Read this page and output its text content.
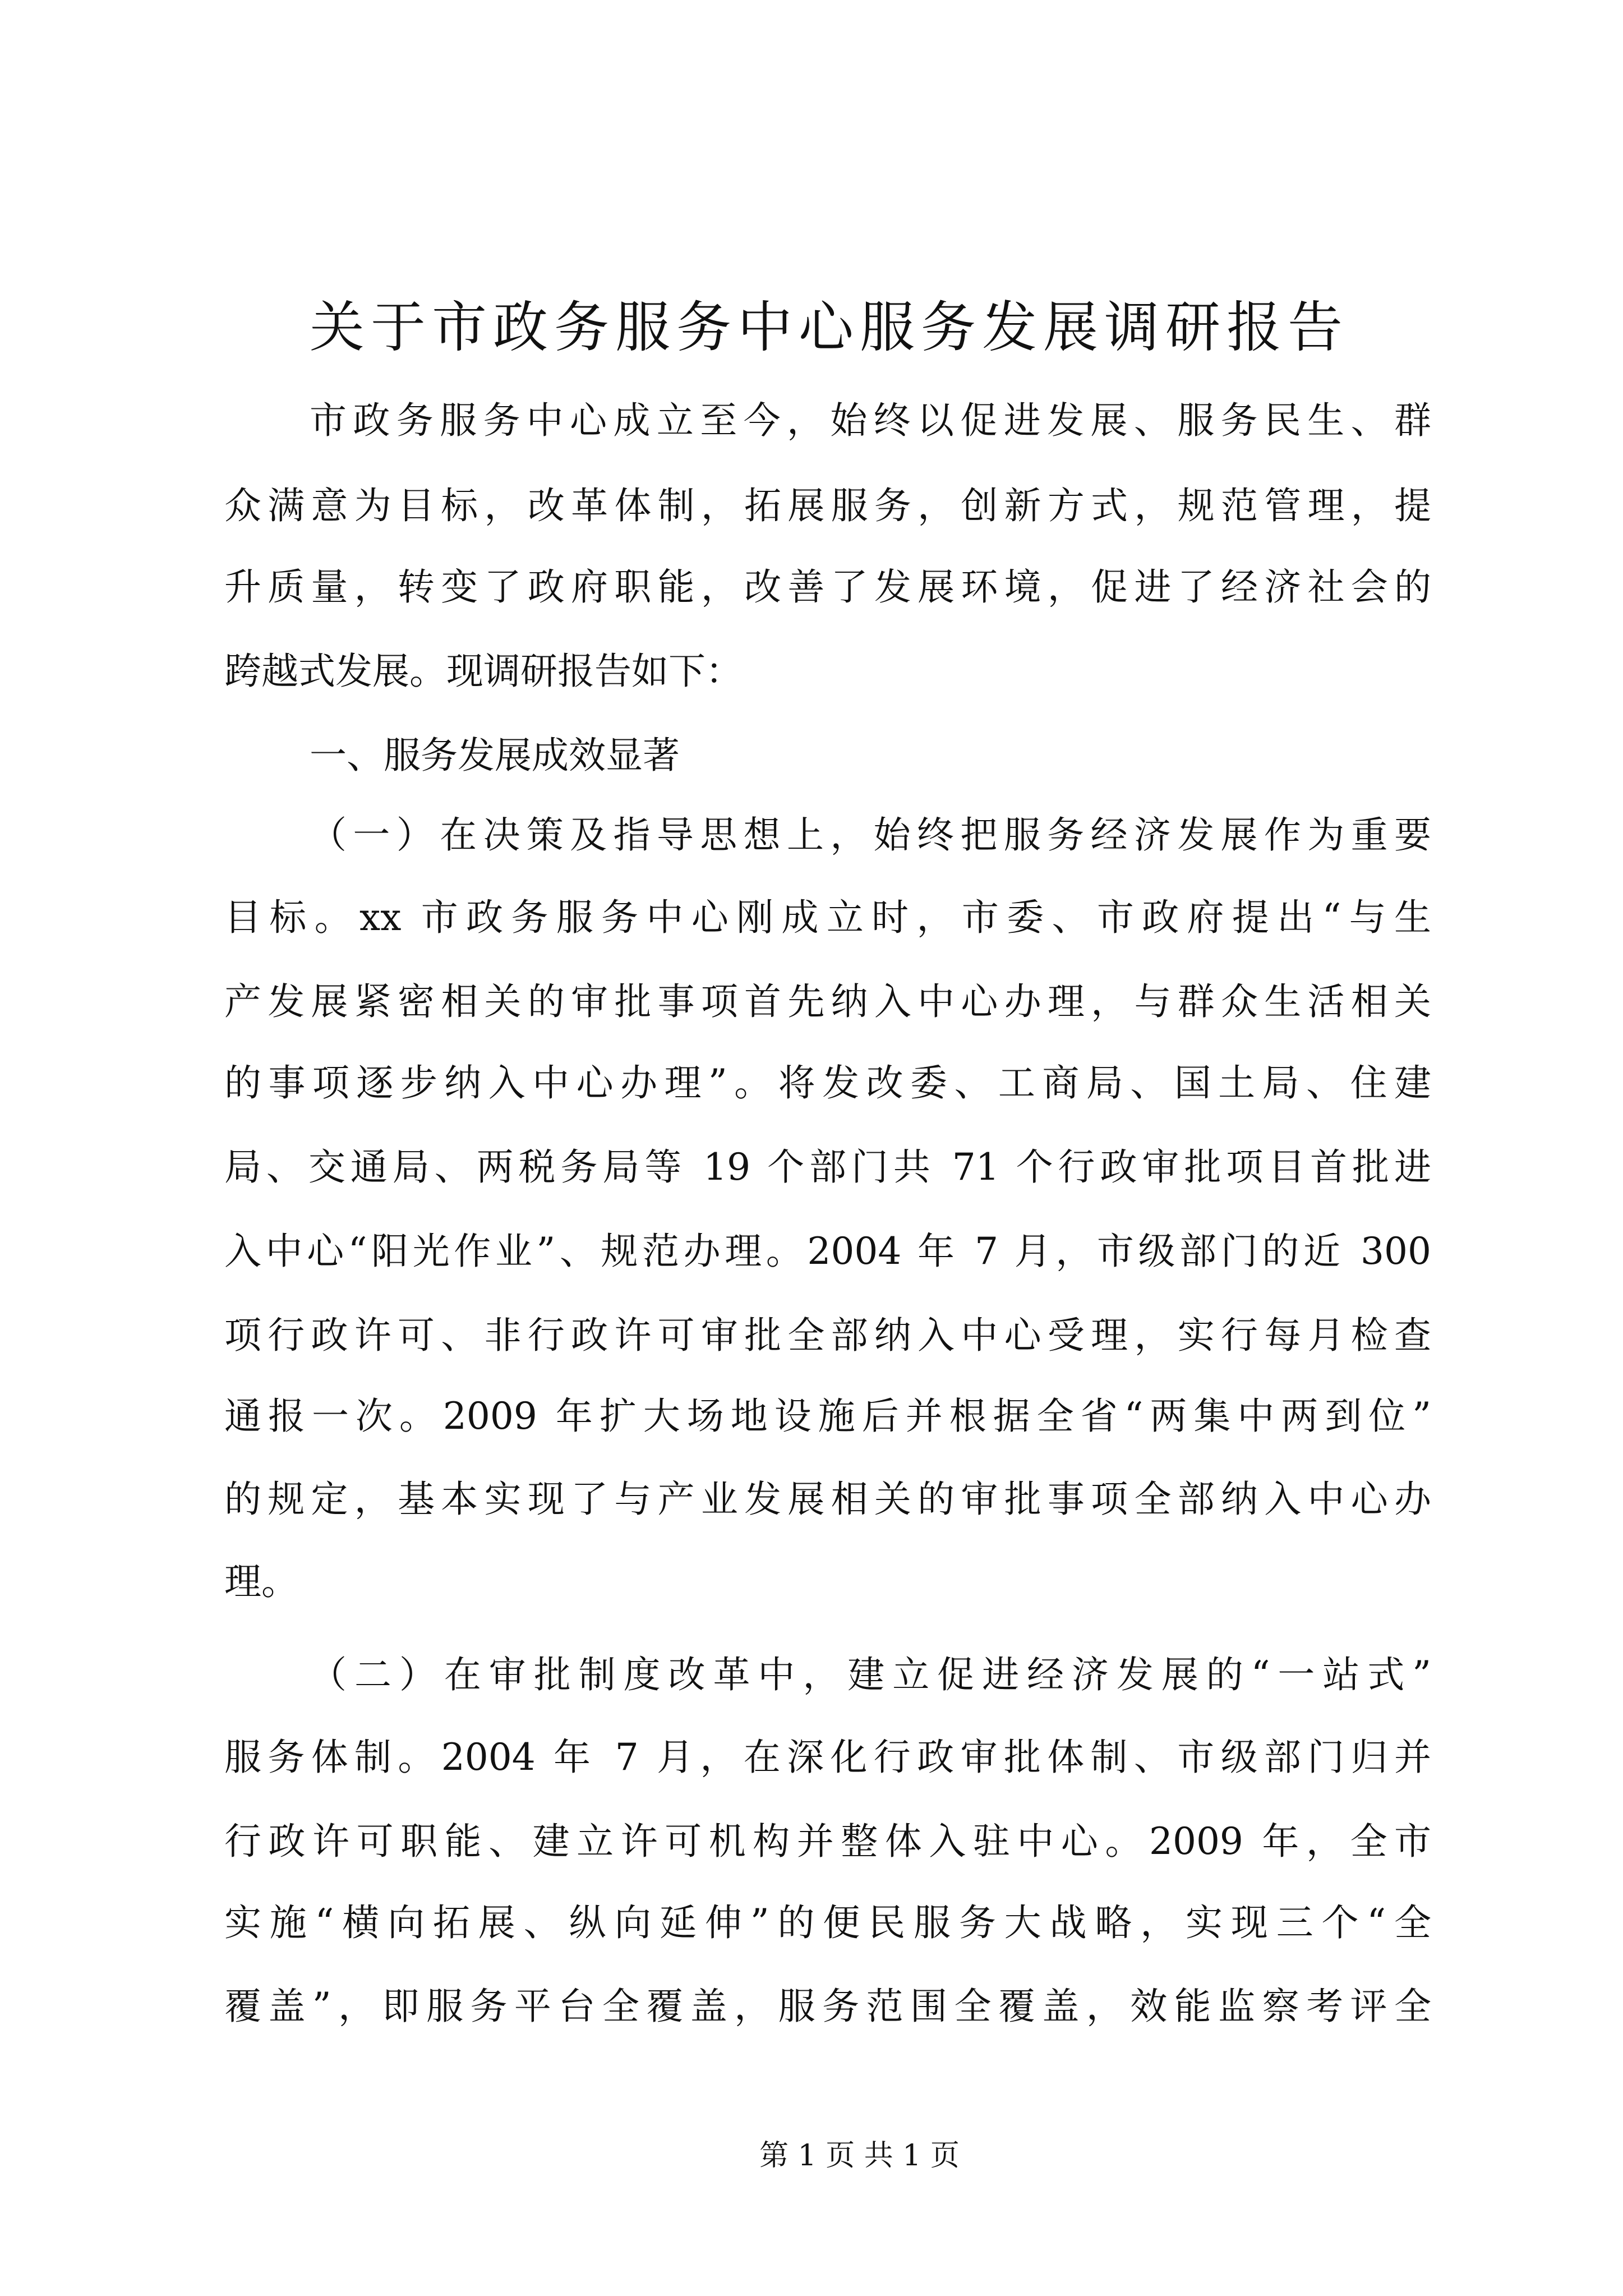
关于市政务服务中心服务发展调研报告
市政务服务中心成立至今，始终以促进发展、服务民生、群
众满意为目标，改革体制，拓展服务，创新方式，规范管理，提
升质量，转变了政府职能，改善了发展环境，促进了经济社会的
跨越式发展。现调研报告如下：
一、服务发展成效显著
（一）在决策及指导思想上，始终把服务经济发展作为重要
目标。xx 市政务服务中心刚成立时，市委、市政府提出“与生
产发展紧密相关的审批事项首先纳入中心办理，与群众生活相关
的事项逐步纳入中心办理”。将发改委、工商局、国土局、住建
局、交通局、两税务局等 19 个部门共 71 个行政审批项目首批进
入中心“阳光作业”、规范办理。2004 年 7 月，市级部门的近 300
项行政许可、非行政许可审批全部纳入中心受理，实行每月检查
通报一次。2009 年扩大场地设施后并根据全省“两集中两到位”
的规定，基本实现了与产业发展相关的审批事项全部纳入中心办
理。
（二）在审批制度改革中，建立促进经济发展的“一站式”
服务体制。2004 年 7 月，在深化行政审批体制、市级部门归并
行政许可职能、建立许可机构并整体入驻中心。2009 年，全市
实施“横向拓展、纵向延伸”的便民服务大战略，实现三个“全
覆盖”，即服务平台全覆盖，服务范围全覆盖，效能监察考评全
第 1 页 共 1 页
